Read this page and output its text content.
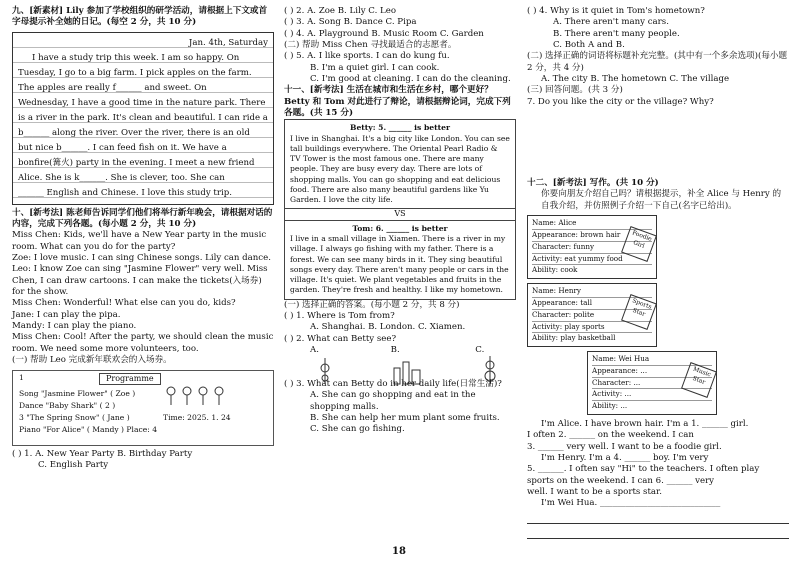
九、[新素材] Lily 参加了学校组织的研学活动，请根据上下文或首字母提示补全她的日记。(每空 2 分，共 10 分)

Jan. 4th, Saturday

I have a study trip this week. I am so happy. On

Tuesday, I go to a big farm. I pick apples on the farm.

The apples are really f______ and sweet. On

Wednesday, I have a good time in the nature park. There

is a river in the park. It's clean and beautiful. I can ride a

b______ along the river. Over the river, there is an old

but nice b______. I can feed fish on it. We have a

bonfire(篝火) party in the evening. I meet a new friend

Alice. She is k______. She is clever, too. She can

______ English and Chinese. I love this study trip.

十、[新考法] 陈老师告诉同学们他们将举行新年晚会，请根据对话的内容，完成下列各题。(每小题 2 分，共 10 分)

Miss Chen: Kids, we'll have a New Year party in the music room. What can you do for the party?

Zoe: I love music. I can sing Chinese songs. Lily can dance.

Leo: I know Zoe can sing "Jasmine Flower" very well. Miss Chen, I can draw cartoons. I can make the tickets(入场券) for the show.

Miss Chen: Wonderful! What else can you do, kids?

Jane: I can play the pipa.

Mandy: I can play the piano.

Miss Chen: Cool! After the party, we should clean the music room. We need some more volunteers, too.

(一) 帮助 Leo 完成新年联欢会的入场券。

1	Programme
Song "Jasmine Flower" ( Zoe )
Dance "Baby Shark" ( 2 )
3 "The Spring Snow" ( Jane )
Piano "For Alice" ( Mandy ) Place: 4
Time: 2025. 1. 24

( ) 1. A. New Year Party B. Birthday Party

C. English Party

( ) 2. A. Zoe B. Lily C. Leo

( ) 3. A. Song B. Dance C. Pipa

( ) 4. A. Playground B. Music Room C. Garden

(二) 帮助 Miss Chen 寻找最适合的志愿者。

( ) 5. A. I like sports. I can do kung fu.

B. I'm a quiet girl. I can cook.

C. I'm good at cleaning. I can do the cleaning.

十一、[新考法] 生活在城市和生活在乡村，哪个更好？Betty 和 Tom 对此进行了辩论，请根据辩论词，完成下列各题。(共 15 分)

Betty: 5. ______ is better
I live in Shanghai. It's a big city like London. You can see tall buildings everywhere. The Oriental Pearl Radio & TV Tower is the most famous one. There are many people. They are busy every day. There are lots of shopping malls. You can go shopping and eat delicious food. There are also many beautiful gardens like Yu Garden. I love the city life.
VS
Tom: 6. ______ is better
I live in a small village in Xiamen. There is a river in my village. I always go fishing with my father. There is a forest. We can see many birds in it. They sing beautiful songs every day. There aren't many people or cars in the village. It's quiet. We plant vegetables and fruits in the garden. They're fresh and healthy. I like my hometown.

(一) 选择正确的答案。(每小题 2 分，共 8 分)

( ) 1. Where is Tom from?

A. Shanghai. B. London. C. Xiamen.

( ) 2. What can Betty see?

A.	B.	C.

( ) 3. What can Betty do in her daily life(日常生活)?

A. She can go shopping and eat in the shopping malls.

B. She can help her mum plant some fruits.

C. She can go fishing.

( ) 4. Why is it quiet in Tom's hometown?

A. There aren't many cars.

B. There aren't many people.

C. Both A and B.

(二) 选择正确的词语将标题补充完整。(其中有一个多余选项)(每小题 2 分，共 4 分)

A. The city B. The hometown C. The village

(三) 回答问题。(共 3 分)

7. Do you like the city or the village? Why?

十二、[新考法] 写作。(共 10 分)

你要向朋友介绍自己吗？请根据提示，补全 Alice 与 Henry 的自我介绍，并仿照例子介绍一下自己(名字已给出)。

Name: Alice
Appearance: brown hair
Character: funny
Activity: eat yummy food
Ability: cook
Foodie Girl
Name: Henry
Appearance: tall
Character: polite
Activity: play sports
Ability: play basketball
Sports Star
Name: Wei Hua
Appearance: ...
Character: ...
Activity: ...
Ability: ...
Music Star

I'm Alice. I have brown hair. I'm a 1. ______ girl.

I often 2. ______ on the weekend. I can

3. ______ very well. I want to be a foodie girl.

I'm Henry. I'm a 4. ______ boy. I'm very

5. ______. I often say "Hi" to the teachers. I often play

sports on the weekend. I can 6. ______ very

well. I want to be a sports star.

I'm Wei Hua. ____________________________

18
